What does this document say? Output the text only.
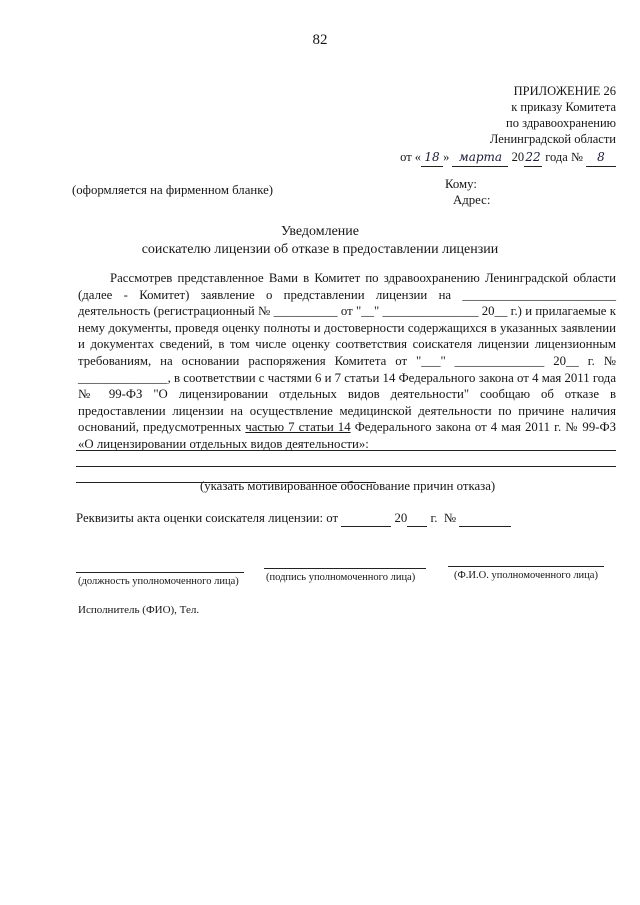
82
ПРИЛОЖЕНИЕ 26
к приказу Комитета
по здравоохранению
Ленинградской области
от « 18 » марта 2022 года № 8
(оформляется на фирменном бланке)	Кому:
Адрес:
Уведомление
соискателю лицензии об отказе в предоставлении лицензии

Рассмотрев представленное Вами в Комитет по здравоохранению Ленинградской области (далее - Комитет) заявление о представлении лицензии на ________________________ деятельность (регистрационный № __________ от "__" _______________ 20__ г.) и прилагаемые к нему документы, проведя оценку полноты и достоверности содержащихся в указанных заявлении и документах сведений, в том числе оценку соответствия соискателя лицензии лицензионным требованиям, на основании распоряжения Комитета от "___" ______________ 20__ г. № ______________, в соответствии с частями 6 и 7 статьи 14 Федерального закона от 4 мая 2011 года № 99-ФЗ "О лицензировании отдельных видов деятельности" сообщаю об отказе в предоставлении лицензии на осуществление медицинской деятельности по причине наличия оснований, предусмотренных частью 7 статьи 14 Федерального закона от 4 мая 2011 г. № 99-ФЗ «О лицензировании отдельных видов деятельности»:

(указать мотивированное обоснование причин отказа)
Реквизиты акта оценки соискателя лицензии: от	20 г. №
(должность уполномоченного лица)	(подпись уполномоченного лица)	(Ф.И.О. уполномоченного лица)
Исполнитель (ФИО), Тел.
